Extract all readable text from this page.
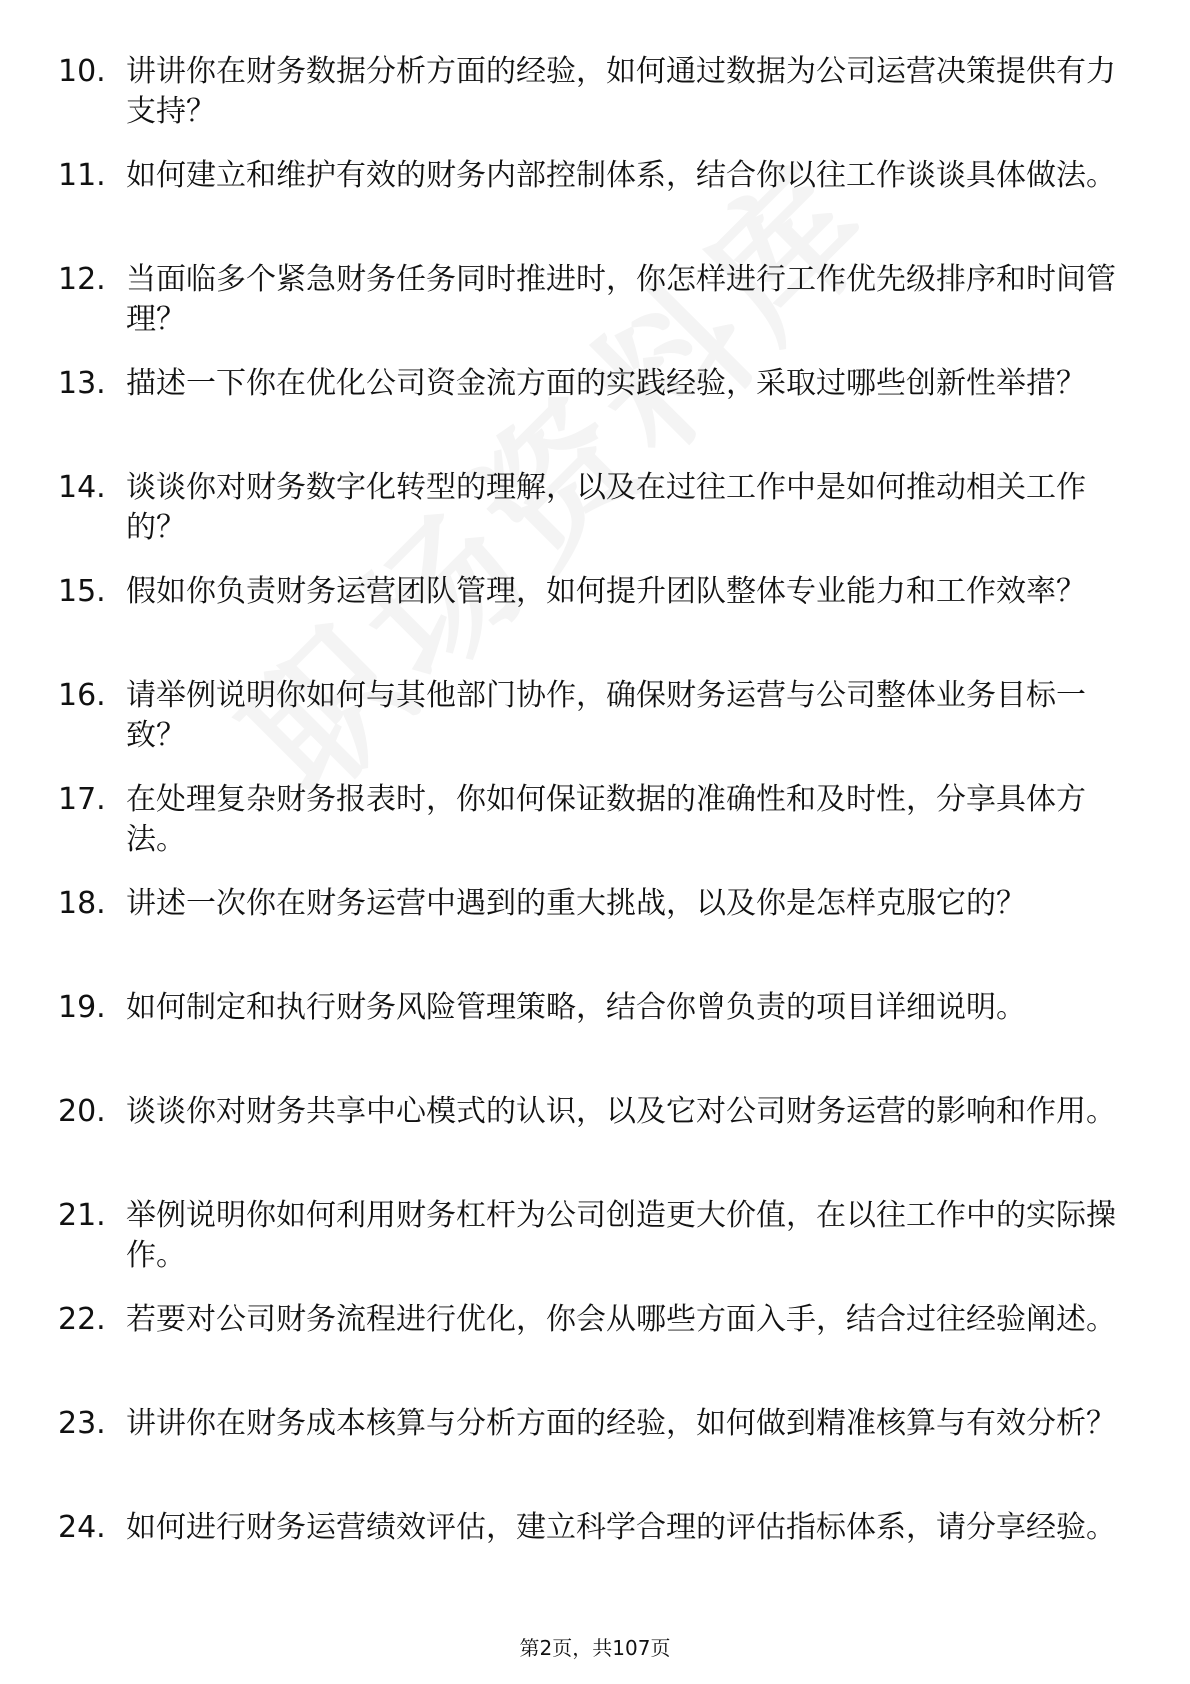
10. 讲讲你在财务数据分析方面的经验，如何通过数据为公司运营决策提供有力支持？
11. 如何建立和维护有效的财务内部控制体系，结合你以往工作谈谈具体做法。
12. 当面临多个紧急财务任务同时推进时，你怎样进行工作优先级排序和时间管理？
13. 描述一下你在优化公司资金流方面的实践经验，采取过哪些创新性举措？
14. 谈谈你对财务数字化转型的理解，以及在过往工作中是如何推动相关工作的？
15. 假如你负责财务运营团队管理，如何提升团队整体专业能力和工作效率？
16. 请举例说明你如何与其他部门协作，确保财务运营与公司整体业务目标一致？
17. 在处理复杂财务报表时，你如何保证数据的准确性和及时性，分享具体方法。
18. 讲述一次你在财务运营中遇到的重大挑战，以及你是怎样克服它的？
19. 如何制定和执行财务风险管理策略，结合你曾负责的项目详细说明。
20. 谈谈你对财务共享中心模式的认识，以及它对公司财务运营的影响和作用。
21. 举例说明你如何利用财务杠杆为公司创造更大价值，在以往工作中的实际操作。
22. 若要对公司财务流程进行优化，你会从哪些方面入手，结合过往经验阐述。
23. 讲讲你在财务成本核算与分析方面的经验，如何做到精准核算与有效分析？
24. 如何进行财务运营绩效评估，建立科学合理的评估指标体系，请分享经验。
第2页，共107页
